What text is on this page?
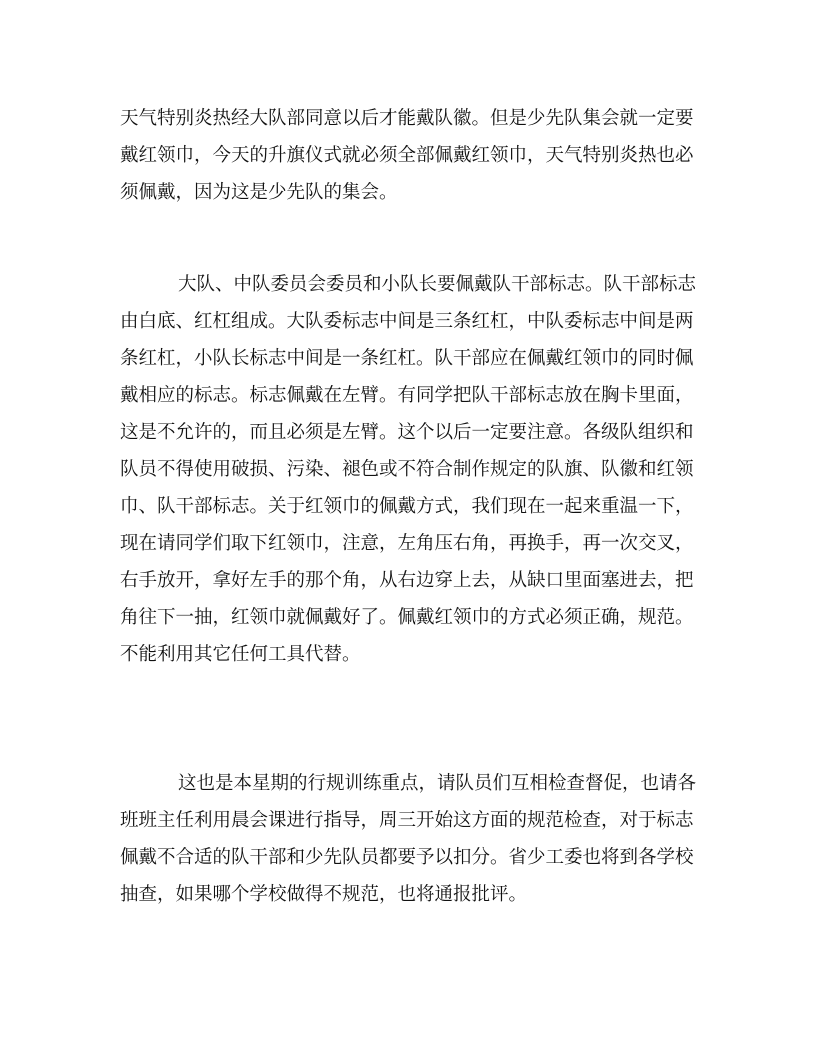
天气特别炎热经大队部同意以后才能戴队徽。但是少先队集会就一定要
戴红领巾，今天的升旗仪式就必须全部佩戴红领巾，天气特别炎热也必
须佩戴，因为这是少先队的集会。
大队、中队委员会委员和小队长要佩戴队干部标志。队干部标志
由白底、红杠组成。大队委标志中间是三条红杠，中队委标志中间是两
条红杠，小队长标志中间是一条红杠。队干部应在佩戴红领巾的同时佩
戴相应的标志。标志佩戴在左臂。有同学把队干部标志放在胸卡里面，
这是不允许的，而且必须是左臂。这个以后一定要注意。各级队组织和
队员不得使用破损、污染、褪色或不符合制作规定的队旗、队徽和红领
巾、队干部标志。关于红领巾的佩戴方式，我们现在一起来重温一下，
现在请同学们取下红领巾，注意，左角压右角，再换手，再一次交叉，
右手放开，拿好左手的那个角，从右边穿上去，从缺口里面塞进去，把
角往下一抽，红领巾就佩戴好了。佩戴红领巾的方式必须正确，规范。
不能利用其它任何工具代替。
这也是本星期的行规训练重点，请队员们互相检查督促，也请各
班班主任利用晨会课进行指导，周三开始这方面的规范检查，对于标志
佩戴不合适的队干部和少先队员都要予以扣分。省少工委也将到各学校
抽查，如果哪个学校做得不规范，也将通报批评。
